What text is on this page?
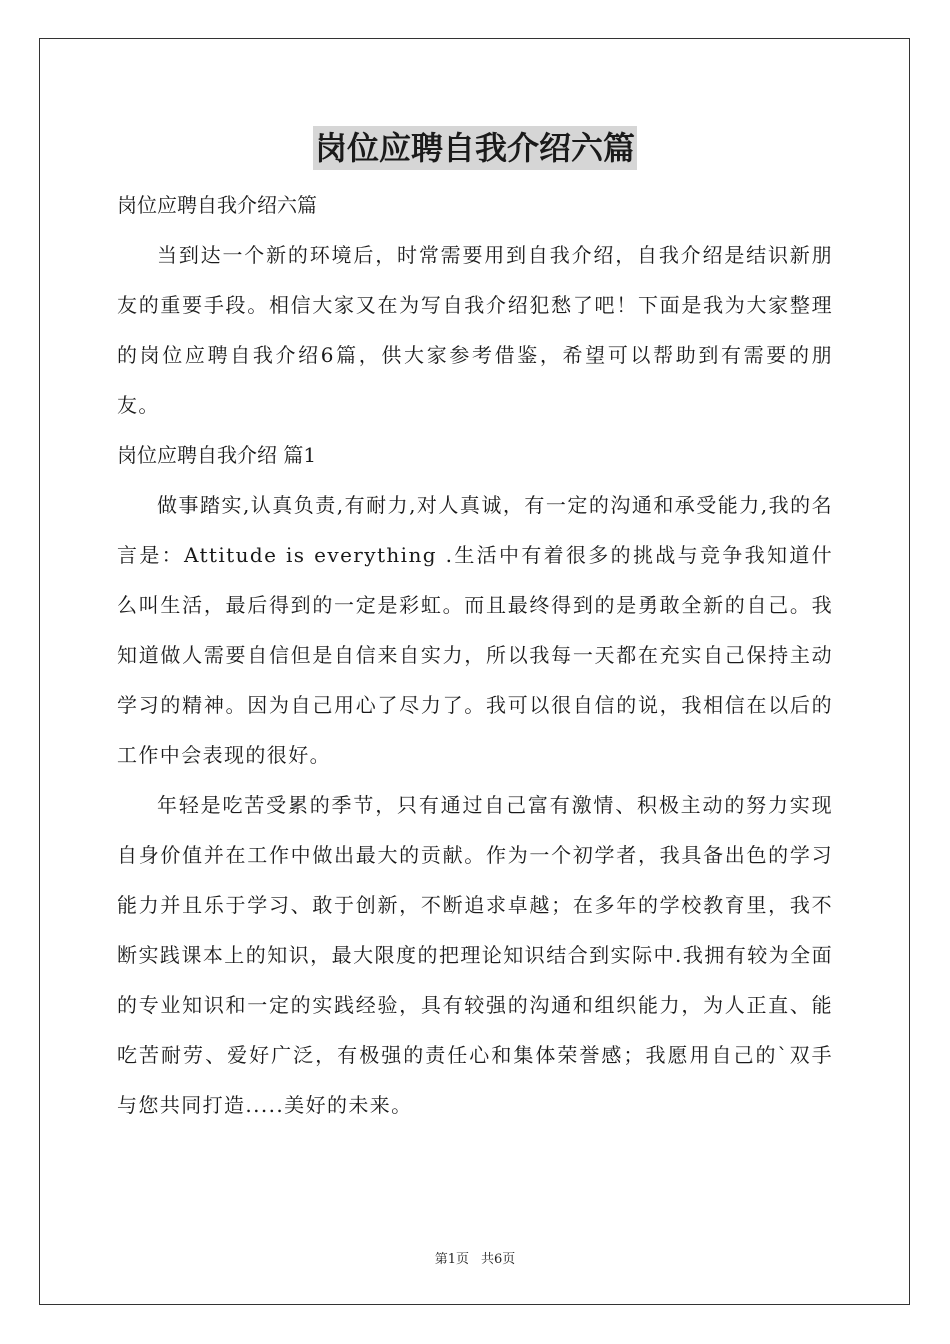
岗位应聘自我介绍六篇
岗位应聘自我介绍六篇

当到达一个新的环境后，时常需要用到自我介绍，自我介绍是结识新朋友的重要手段。相信大家又在为写自我介绍犯愁了吧！下面是我为大家整理的岗位应聘自我介绍6篇，供大家参考借鉴，希望可以帮助到有需要的朋友。

岗位应聘自我介绍 篇1

做事踏实,认真负责,有耐力,对人真诚，有一定的沟通和承受能力,我的名言是：Attitude is everything .生活中有着很多的挑战与竞争我知道什么叫生活，最后得到的一定是彩虹。而且最终得到的是勇敢全新的自己。我知道做人需要自信但是自信来自实力，所以我每一天都在充实自己保持主动学习的精神。因为自己用心了尽力了。我可以很自信的说，我相信在以后的工作中会表现的很好。

年轻是吃苦受累的季节，只有通过自己富有激情、积极主动的努力实现自身价值并在工作中做出最大的贡献。作为一个初学者，我具备出色的学习能力并且乐于学习、敢于创新，不断追求卓越；在多年的学校教育里，我不断实践课本上的知识，最大限度的把理论知识结合到实际中.我拥有较为全面的专业知识和一定的实践经验，具有较强的沟通和组织能力，为人正直、能吃苦耐劳、爱好广泛，有极强的责任心和集体荣誉感；我愿用自己的`双手与您共同打造.....美好的未来。

第1页 共6页
